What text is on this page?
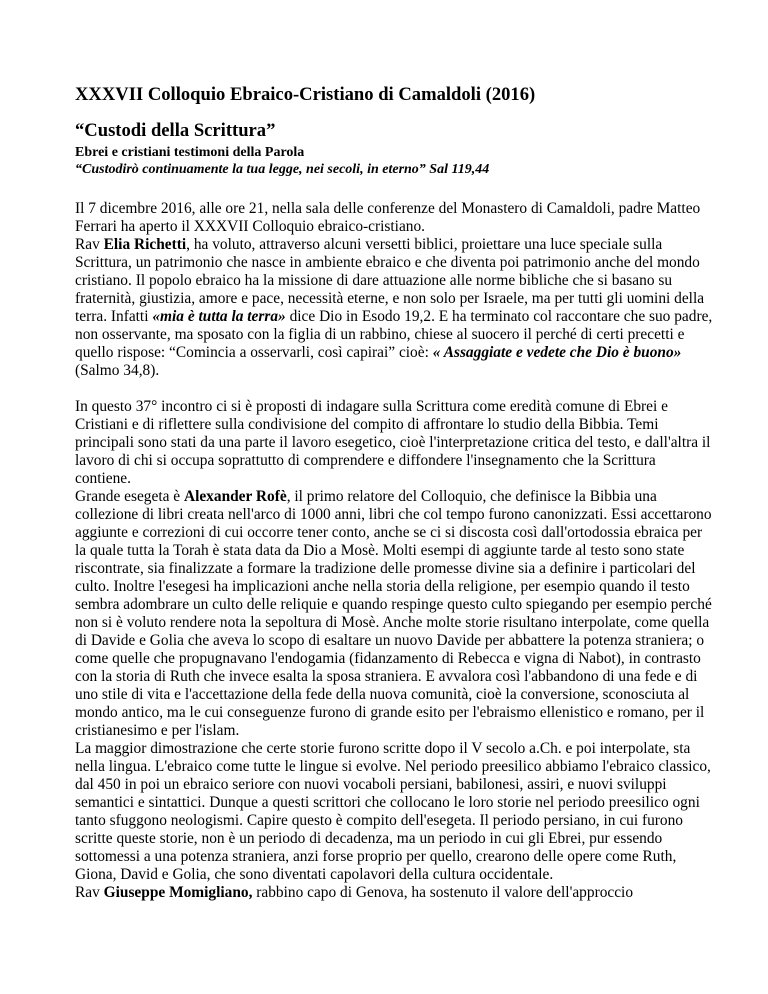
XXXVII Colloquio Ebraico-Cristiano di Camaldoli (2016)
“Custodi della Scrittura”
Ebrei e cristiani testimoni della Parola

“Custodirò continuamente la tua legge, nei secoli, in eterno” Sal 119,44

Il 7 dicembre 2016, alle ore 21, nella sala delle conferenze del Monastero di Camaldoli, padre Matteo Ferrari ha aperto il XXXVII Colloquio ebraico-cristiano.
Rav Elia Richetti, ha voluto, attraverso alcuni versetti biblici, proiettare una luce speciale sulla Scrittura, un patrimonio che nasce in ambiente ebraico e che diventa poi patrimonio anche del mondo cristiano. Il popolo ebraico ha la missione di dare attuazione alle norme bibliche che si basano su fraternità, giustizia, amore e pace, necessità eterne, e non solo per Israele, ma per tutti gli uomini della terra. Infatti «mia è tutta la terra» dice Dio in Esodo 19,2. E ha terminato col raccontare che suo padre, non osservante, ma sposato con la figlia di un rabbino, chiese al suocero il perché di certi precetti e quello rispose: “Comincia a osservarli, così capirai” cioè: « Assaggiate e vedete che Dio è buono» (Salmo 34,8).

In questo 37° incontro ci si è proposti di indagare sulla Scrittura come eredità comune di Ebrei e Cristiani e di riflettere sulla condivisione del compito di affrontare lo studio della Bibbia. Temi principali sono stati da una parte il lavoro esegetico, cioè l'interpretazione critica del testo, e dall'altra il lavoro di chi si occupa soprattutto di comprendere e diffondere l'insegnamento che la Scrittura contiene.
Grande esegeta è Alexander Rofè, il primo relatore del Colloquio, che definisce la Bibbia una collezione di libri creata nell'arco di 1000 anni, libri che col tempo furono canonizzati. Essi accettarono aggiunte e correzioni di cui occorre tener conto, anche se ci si discosta così dall'ortodossia ebraica per la quale tutta la Torah è stata data da Dio a Mosè. Molti esempi di aggiunte tarde al testo sono state riscontrate, sia finalizzate a formare la tradizione delle promesse divine sia a definire i particolari del culto. Inoltre l'esegesi ha implicazioni anche nella storia della religione, per esempio quando il testo sembra adombrare un culto delle reliquie e quando respinge questo culto spiegando per esempio perché non si è voluto rendere nota la sepoltura di Mosè. Anche molte storie risultano interpolate, come quella di Davide e Golia che aveva lo scopo di esaltare un nuovo Davide per abbattere la potenza straniera; o come quelle che propugnavano l'endogamia (fidanzamento di Rebecca e vigna di Nabot), in contrasto con la storia di Ruth che invece esalta la sposa straniera. E avvalora così l'abbandono di una fede e di uno stile di vita e l'accettazione della fede della nuova comunità, cioè la conversione, sconosciuta al mondo antico, ma le cui conseguenze furono di grande esito per l'ebraismo ellenistico e romano, per il cristianesimo e per l'islam.
La maggior dimostrazione che certe storie furono scritte dopo il V secolo a.Ch. e poi interpolate, sta nella lingua. L'ebraico come tutte le lingue si evolve. Nel periodo preesilico abbiamo l'ebraico classico, dal 450 in poi un ebraico seriore con nuovi vocaboli persiani, babilonesi, assiri, e nuovi sviluppi semantici e sintattici. Dunque a questi scrittori che collocano le loro storie nel periodo preesilico ogni tanto sfuggono neologismi. Capire questo è compito dell'esegeta. Il periodo persiano, in cui furono scritte queste storie, non è un periodo di decadenza, ma un periodo in cui gli Ebrei, pur essendo sottomessi a una potenza straniera, anzi forse proprio per quello, crearono delle opere come Ruth, Giona, David e Golia, che sono diventati capolavori della cultura occidentale.
Rav Giuseppe Momigliano, rabbino capo di Genova, ha sostenuto il valore dell'approccio
